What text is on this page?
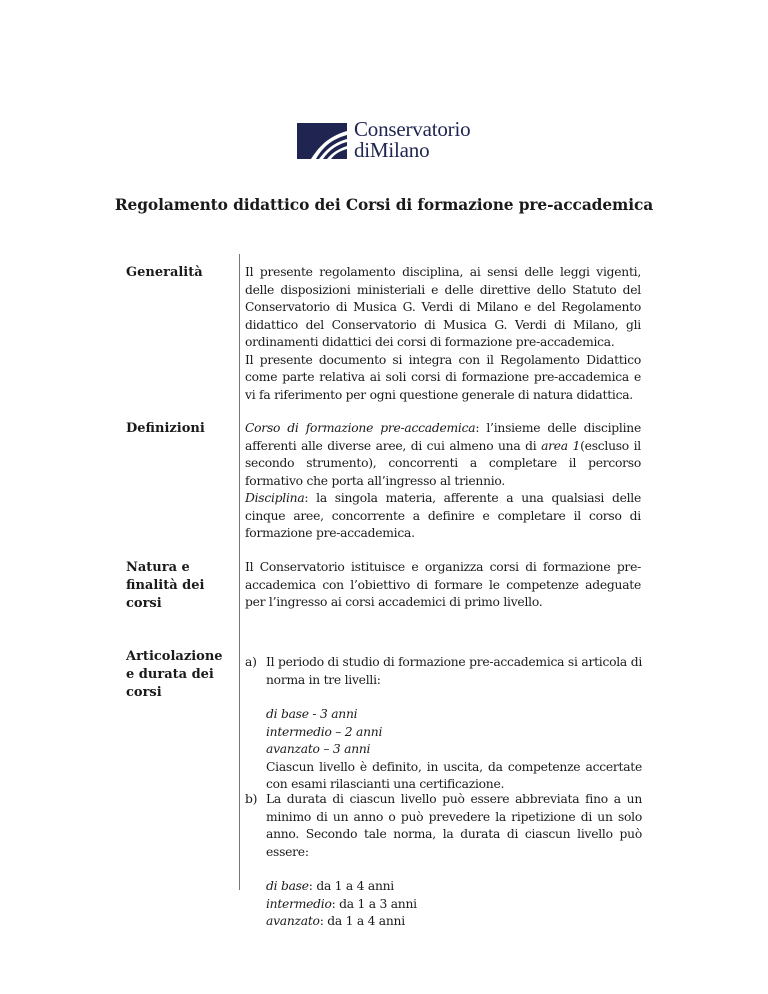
Conservatorio
diMilano
Regolamento didattico dei Corsi di formazione pre-accademica
Generalità	Il presente regolamento disciplina, ai sensi delle leggi vigenti, delle disposizioni ministeriali e delle direttive dello Statuto del Conservatorio di Musica G. Verdi di Milano e del Regolamento didattico del Conservatorio di Musica G. Verdi di Milano, gli ordinamenti didattici dei corsi di formazione pre-accademica.

Il presente documento si integra con il Regolamento Didattico come parte relativa ai soli corsi di formazione pre-accademica e vi fa riferimento per ogni questione generale di natura didattica.

Definizioni	Corso di formazione pre-accademica: l’insieme delle discipline afferenti alle diverse aree, di cui almeno una di area 1(escluso il secondo strumento), concorrenti a completare il percorso formativo che porta all’ingresso al triennio.

Disciplina: la singola materia, afferente a una qualsiasi delle cinque aree, concorrente a definire e completare il corso di formazione pre-accademica.

Natura e finalità dei corsi

Il Conservatorio istituisce e organizza corsi di formazione pre-accademica con l’obiettivo di formare le competenze adeguate per l’ingresso ai corsi accademici di primo livello.

Articolazione e durata dei corsi
a) Il periodo di studio di formazione pre-accademica si articola di norma in tre livelli:

di base - 3 anni

intermedio – 2 anni

avanzato – 3 anni

Ciascun livello è definito, in uscita, da competenze accertate con esami rilascianti una certificazione.

b) La durata di ciascun livello può essere abbreviata fino a un minimo di un anno o può prevedere la ripetizione di un solo anno. Secondo tale norma, la durata di ciascun livello può essere:

di base: da 1 a 4 anni

intermedio: da 1 a 3 anni

avanzato: da 1 a 4 anni
